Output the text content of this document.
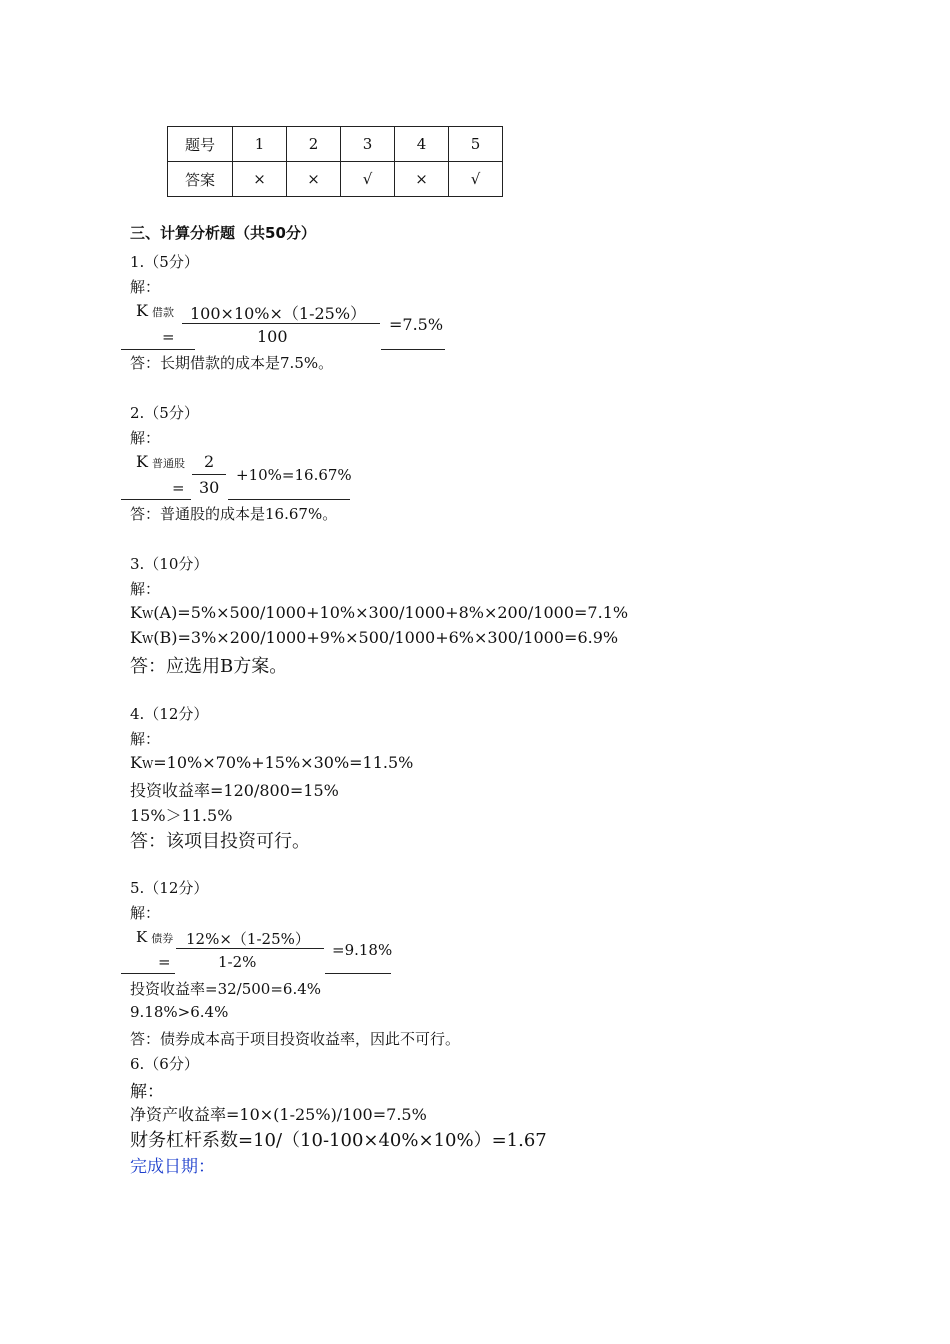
题号	1	2	3	4	5
答案	×	×	√	×	√
三、计算分析题（共50分）
1.（5分）
解：
K 借款
=
100×10%×（1-25%）
100
=7.5%
答：长期借款的成本是7.5%。
2.（5分）
解：
K 普通股
=
2
30
+10%=16.67%
答：普通股的成本是16.67%。
3.（10分）
解：
KW(A)=5%×500/1000+10%×300/1000+8%×200/1000=7.1%
KW(B)=3%×200/1000+9%×500/1000+6%×300/1000=6.9%
答：应选用B方案。
4.（12分）
解：
KW=10%×70%+15%×30%=11.5%
投资收益率=120/800=15%
15%＞11.5%
答：该项目投资可行。
5.（12分）
解：
K 债券
=
12%×（1-25%）
1-2%
=9.18%
投资收益率=32/500=6.4%
9.18%>6.4%
答：债券成本高于项目投资收益率，因此不可行。
6.（6分）
解：
净资产收益率=10×(1-25%)/100=7.5%
财务杠杆系数=10/（10-100×40%×10%）=1.67
完成日期：
